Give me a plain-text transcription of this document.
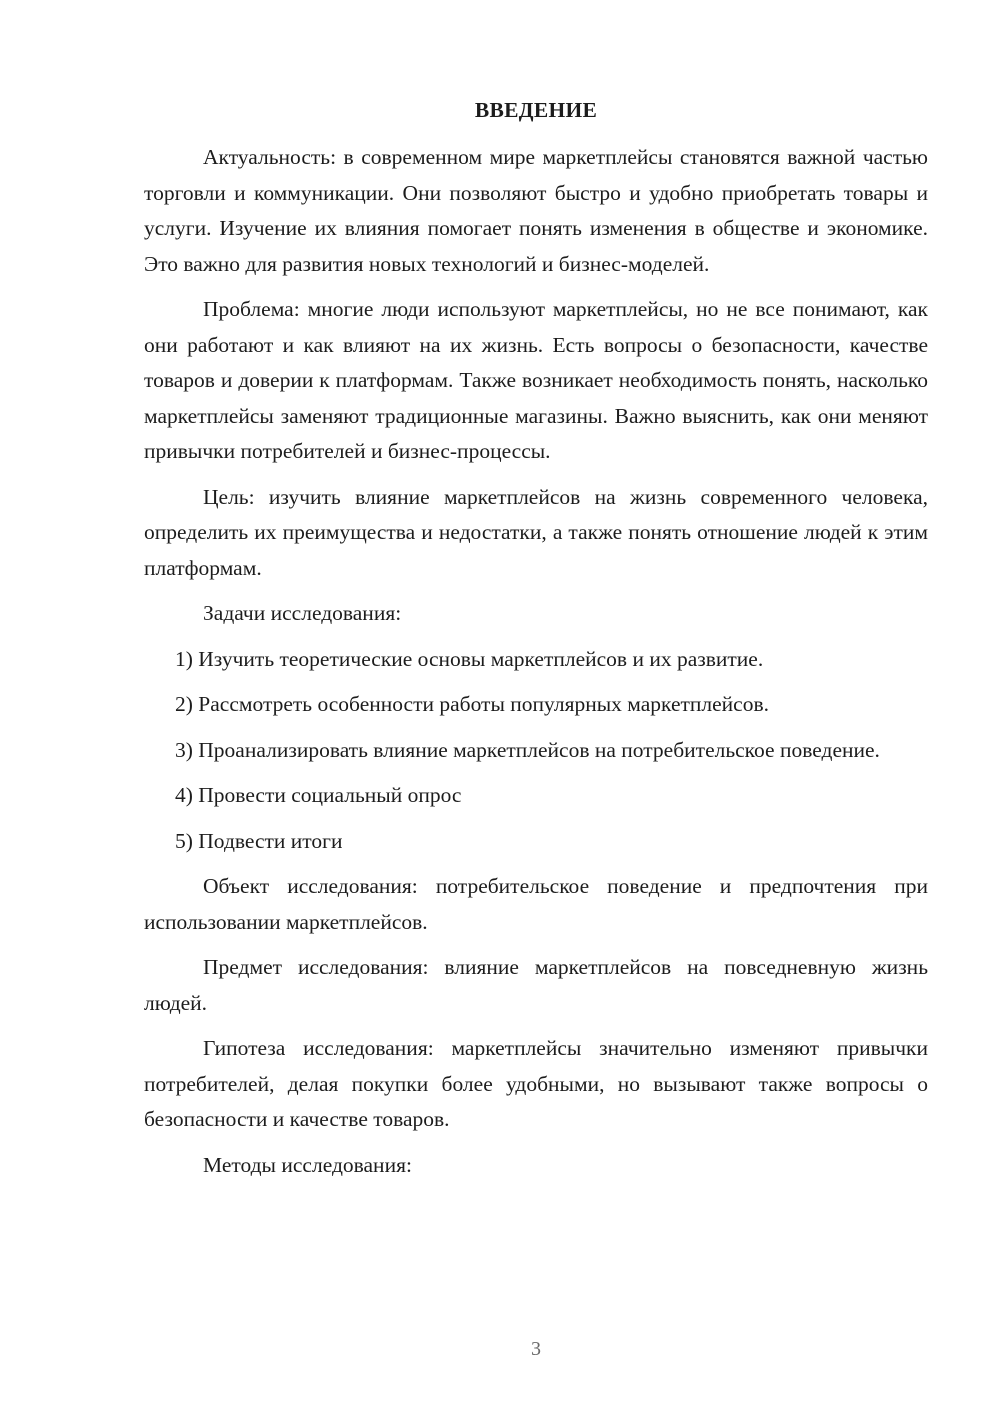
ВВЕДЕНИЕ

Актуальность: в современном мире маркетплейсы становятся важной частью торговли и коммуникации. Они позволяют быстро и удобно приобретать товары и услуги. Изучение их влияния помогает понять изменения в обществе и экономике. Это важно для развития новых технологий и бизнес-моделей.

Проблема: многие люди используют маркетплейсы, но не все понимают, как они работают и как влияют на их жизнь. Есть вопросы о безопасности, качестве товаров и доверии к платформам. Также возникает необходимость понять, насколько маркетплейсы заменяют традиционные магазины. Важно выяснить, как они меняют привычки потребителей и бизнес-процессы.

Цель: изучить влияние маркетплейсов на жизнь современного человека, определить их преимущества и недостатки, а также понять отношение людей к этим платформам.

Задачи исследования:

1) Изучить теоретические основы маркетплейсов и их развитие.

2) Рассмотреть особенности работы популярных маркетплейсов.

3) Проанализировать влияние маркетплейсов на потребительское поведение.

4) Провести социальный опрос

5) Подвести итоги

Объект исследования: потребительское поведение и предпочтения при использовании маркетплейсов.

Предмет исследования: влияние маркетплейсов на повседневную жизнь людей.

Гипотеза исследования: маркетплейсы значительно изменяют привычки потребителей, делая покупки более удобными, но вызывают также вопросы о безопасности и качестве товаров.

Методы исследования:

3
